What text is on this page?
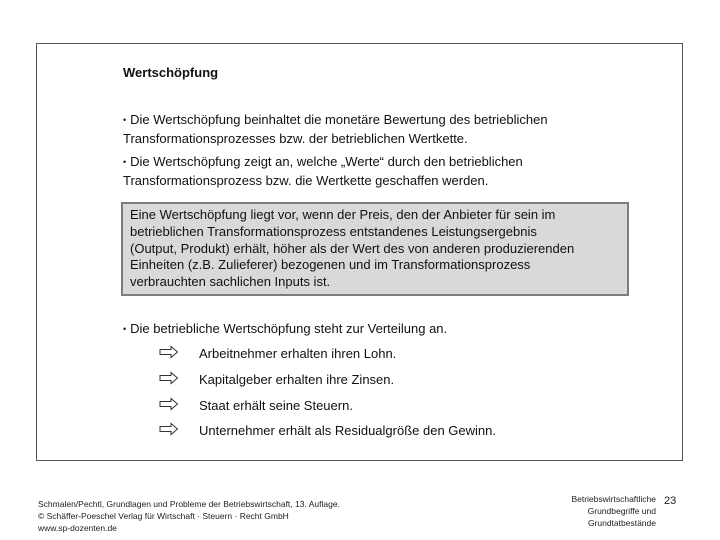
Wertschöpfung
• Die Wertschöpfung beinhaltet die monetäre Bewertung des betrieblichen
Transformationsprozesses bzw. der betrieblichen Wertkette.
• Die Wertschöpfung zeigt an, welche „Werte“ durch den betrieblichen
Transformationsprozess bzw. die Wertkette geschaffen werden.
Eine Wertschöpfung liegt vor, wenn der Preis, den der Anbieter für sein im
betrieblichen Transformationsprozess entstandenes Leistungsergebnis
(Output, Produkt) erhält, höher als der Wert des von anderen produzierenden
Einheiten (z.B. Zulieferer) bezogenen und im Transformationsprozess
verbrauchten sachlichen Inputs ist.
• Die betriebliche Wertschöpfung steht zur Verteilung an.
Arbeitnehmer erhalten ihren Lohn.
Kapitalgeber erhalten ihre Zinsen.
Staat erhält seine Steuern.
Unternehmer erhält als Residualgröße den Gewinn.
Schmalen/Pechtl, Grundlagen und Probleme der Betriebswirtschaft, 13. Auflage.
© Schäffer-Poeschel Verlag für Wirtschaft · Steuern · Recht GmbH
www.sp-dozenten.de
Betriebswirtschaftliche
Grundbegriffe und
Grundtatbestände
23
